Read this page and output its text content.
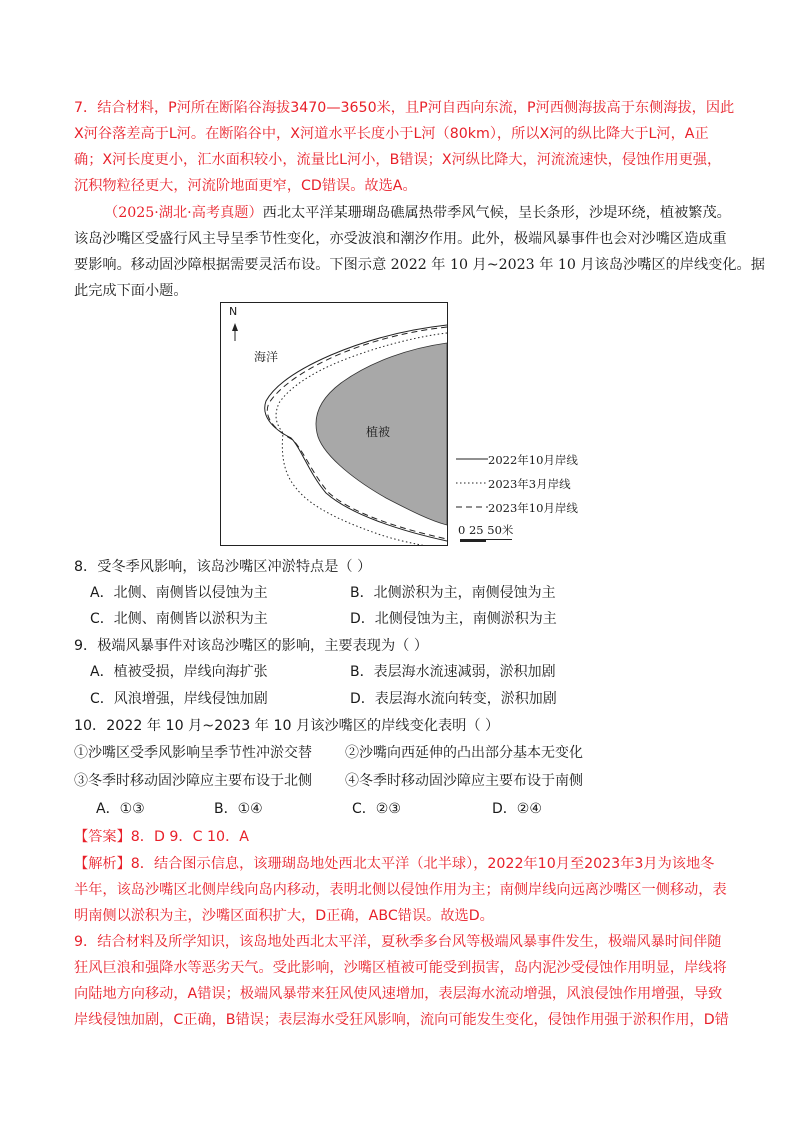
7．结合材料，P河所在断陷谷海拔3470—3650米，且P河自西向东流，P河西侧海拔高于东侧海拔，因此
X河谷落差高于L河。在断陷谷中，X河道水平长度小于L河（80km），所以X河的纵比降大于L河，A正
确；X河长度更小，汇水面积较小，流量比L河小，B错误；X河纵比降大，河流流速快，侵蚀作用更强，
沉积物粒径更大，河流阶地面更窄，CD错误。故选A。
（2025·湖北·高考真题）西北太平洋某珊瑚岛礁属热带季风气候，呈长条形，沙堤环绕，植被繁茂。
该岛沙嘴区受盛行风主导呈季节性变化，亦受波浪和潮汐作用。此外，极端风暴事件也会对沙嘴区造成重
要影响。移动固沙障根据需要灵活布设。下图示意 2022 年 10 月~2023 年 10 月该岛沙嘴区的岸线变化。据
此完成下面小题。
N
海洋
植被
2022年10月岸线
2023年3月岸线
2023年10月岸线
0 25 50米
8．受冬季风影响，该岛沙嘴区冲淤特点是（ ）
A．北侧、南侧皆以侵蚀为主	B．北侧淤积为主，南侧侵蚀为主
C．北侧、南侧皆以淤积为主	D．北侧侵蚀为主，南侧淤积为主
9．极端风暴事件对该岛沙嘴区的影响，主要表现为（ ）
A．植被受损，岸线向海扩张	B．表层海水流速减弱，淤积加剧
C．风浪增强，岸线侵蚀加剧	D．表层海水流向转变，淤积加剧
10．2022 年 10 月~2023 年 10 月该沙嘴区的岸线变化表明（ ）
①沙嘴区受季风影响呈季节性冲淤交替 ②沙嘴向西延伸的凸出部分基本无变化
③冬季时移动固沙障应主要布设于北侧 ④冬季时移动固沙障应主要布设于南侧
A．①③	B．①④	C．②③	D．②④
【答案】8．D 9．C 10．A
【解析】8．结合图示信息，该珊瑚岛地处西北太平洋（北半球），2022年10月至2023年3月为该地冬
半年，该岛沙嘴区北侧岸线向岛内移动，表明北侧以侵蚀作用为主；南侧岸线向远离沙嘴区一侧移动，表
明南侧以淤积为主，沙嘴区面积扩大，D正确，ABC错误。故选D。
9．结合材料及所学知识，该岛地处西北太平洋，夏秋季多台风等极端风暴事件发生，极端风暴时间伴随
狂风巨浪和强降水等恶劣天气。受此影响，沙嘴区植被可能受到损害，岛内泥沙受侵蚀作用明显，岸线将
向陆地方向移动，A错误；极端风暴带来狂风使风速增加，表层海水流动增强，风浪侵蚀作用增强，导致
岸线侵蚀加剧，C正确，B错误；表层海水受狂风影响，流向可能发生变化，侵蚀作用强于淤积作用，D错
